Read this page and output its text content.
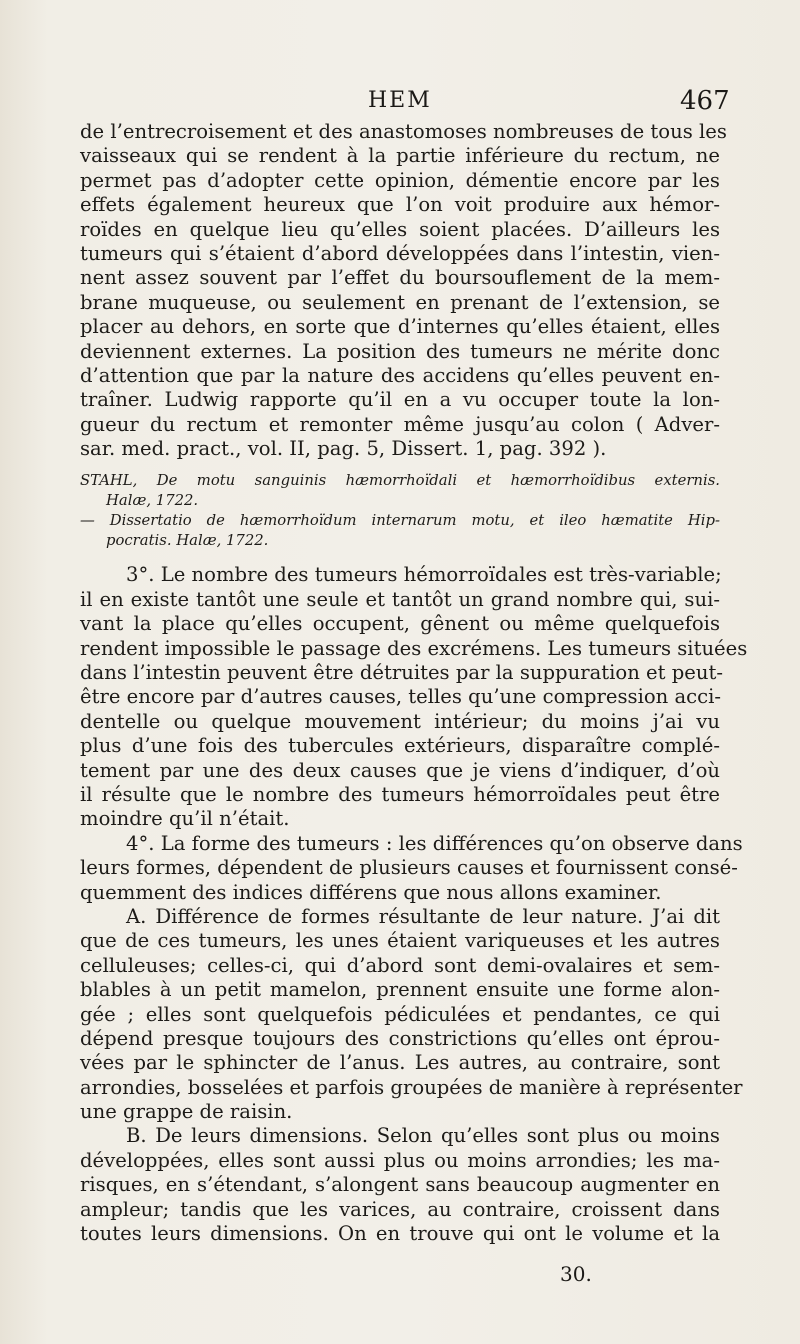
HEM	467
de l’entrecroisement et des anastomoses nombreuses de tous les
vaisseaux qui se rendent à la partie inférieure du rectum, ne
permet pas d’adopter cette opinion, démentie encore par les
effets également heureux que l’on voit produire aux hémor-
roïdes en quelque lieu qu’elles soient placées. D’ailleurs les
tumeurs qui s’étaient d’abord développées dans l’intestin, vien-
nent assez souvent par l’effet du boursouflement de la mem-
brane muqueuse, ou seulement en prenant de l’extension, se
placer au dehors, en sorte que d’internes qu’elles étaient, elles
deviennent externes. La position des tumeurs ne mérite donc
d’attention que par la nature des accidens qu’elles peuvent en-
traîner. Ludwig rapporte qu’il en a vu occuper toute la lon-
gueur du rectum et remonter même jusqu’au colon ( Adver-
sar. med. pract., vol. II, pag. 5, Dissert. 1, pag. 392 ).
STAHL, De motu sanguinis hæmorrhoïdali et hæmorrhoïdibus externis.
Halæ, 1722.
— Dissertatio de hæmorrhoïdum internarum motu, et ileo hæmatite Hip-
pocratis. Halæ, 1722.
3°. Le nombre des tumeurs hémorroïdales est très-variable;
il en existe tantôt une seule et tantôt un grand nombre qui, sui-
vant la place qu’elles occupent, gênent ou même quelquefois
rendent impossible le passage des excrémens. Les tumeurs situées
dans l’intestin peuvent être détruites par la suppuration et peut-
être encore par d’autres causes, telles qu’une compression acci-
dentelle ou quelque mouvement intérieur; du moins j’ai vu
plus d’une fois des tubercules extérieurs, disparaître complé-
tement par une des deux causes que je viens d’indiquer, d’où
il résulte que le nombre des tumeurs hémorroïdales peut être
moindre qu’il n’était.
4°. La forme des tumeurs : les différences qu’on observe dans
leurs formes, dépendent de plusieurs causes et fournissent consé-
quemment des indices différens que nous allons examiner.
A. Différence de formes résultante de leur nature. J’ai dit
que de ces tumeurs, les unes étaient variqueuses et les autres
celluleuses; celles-ci, qui d’abord sont demi-ovalaires et sem-
blables à un petit mamelon, prennent ensuite une forme alon-
gée ; elles sont quelquefois pédiculées et pendantes, ce qui
dépend presque toujours des constrictions qu’elles ont éprou-
vées par le sphincter de l’anus. Les autres, au contraire, sont
arrondies, bosselées et parfois groupées de manière à représenter
une grappe de raisin.
B. De leurs dimensions. Selon qu’elles sont plus ou moins
développées, elles sont aussi plus ou moins arrondies; les ma-
risques, en s’étendant, s’alongent sans beaucoup augmenter en
ampleur; tandis que les varices, au contraire, croissent dans
toutes leurs dimensions. On en trouve qui ont le volume et la
30.
